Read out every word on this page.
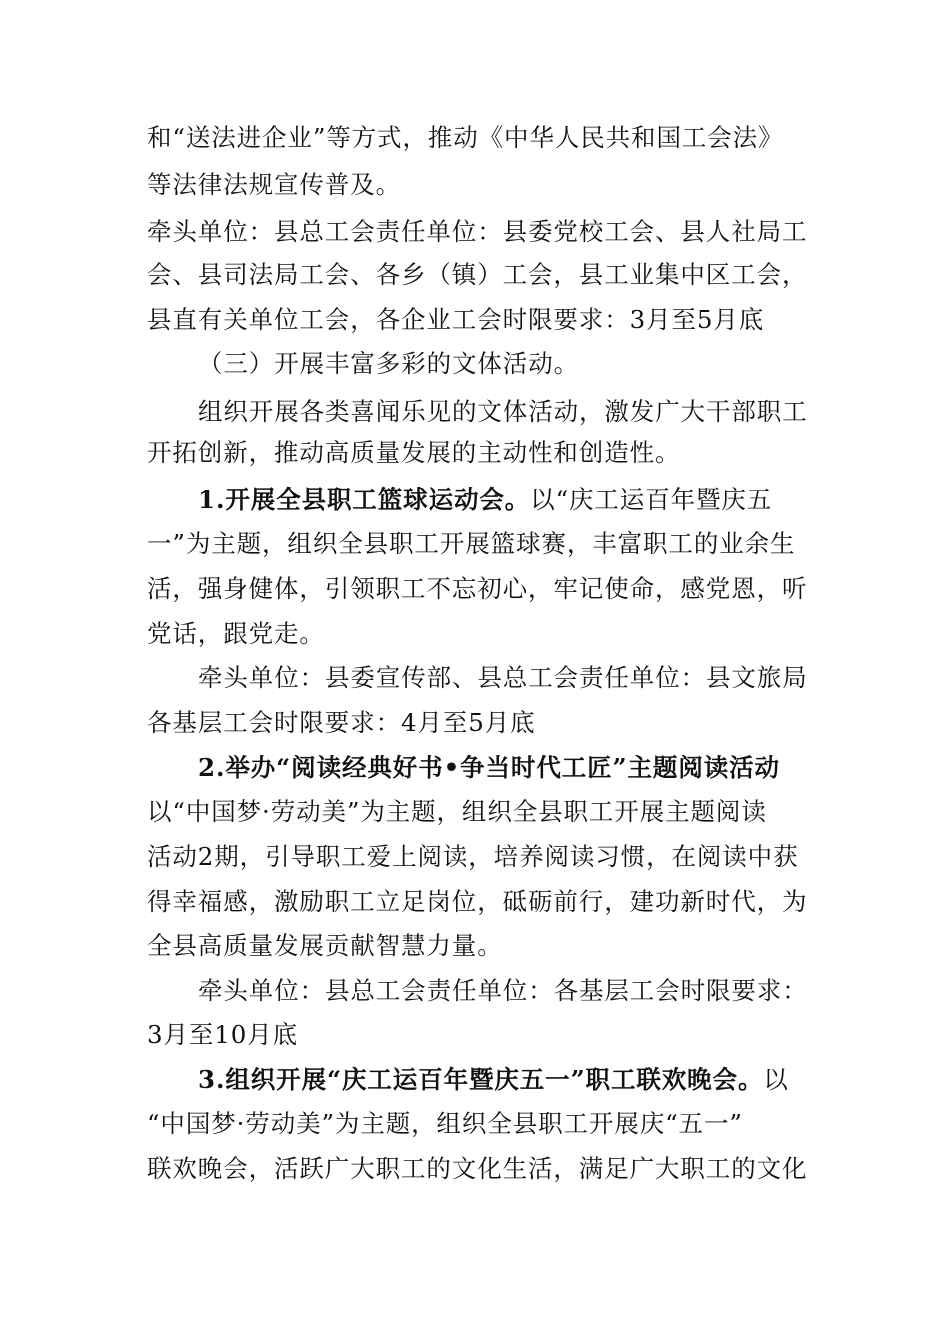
和“送法进企业”等方式，推动《中华人民共和国工会法》
等法律法规宣传普及。
牵头单位：县总工会责任单位：县委党校工会、县人社局工
会、县司法局工会、各乡（镇）工会，县工业集中区工会，
县直有关单位工会，各企业工会时限要求：3月至5月底
（三）开展丰富多彩的文体活动。
组织开展各类喜闻乐见的文体活动，激发广大干部职工
开拓创新，推动高质量发展的主动性和创造性。
1.开展全县职工篮球运动会。以“庆工运百年暨庆五
一”为主题，组织全县职工开展篮球赛，丰富职工的业余生
活，强身健体，引领职工不忘初心，牢记使命，感党恩，听
党话，跟党走。
牵头单位：县委宣传部、县总工会责任单位：县文旅局
各基层工会时限要求：4月至5月底
2.举办“阅读经典好书•争当时代工匠”主题阅读活动
以“中国梦·劳动美”为主题，组织全县职工开展主题阅读
活动2期，引导职工爱上阅读，培养阅读习惯，在阅读中获
得幸福感，激励职工立足岗位，砥砺前行，建功新时代，为
全县高质量发展贡献智慧力量。
牵头单位：县总工会责任单位：各基层工会时限要求：
3月至10月底
3.组织开展“庆工运百年暨庆五一”职工联欢晚会。以
“中国梦·劳动美”为主题，组织全县职工开展庆“五一”
联欢晚会，活跃广大职工的文化生活，满足广大职工的文化
